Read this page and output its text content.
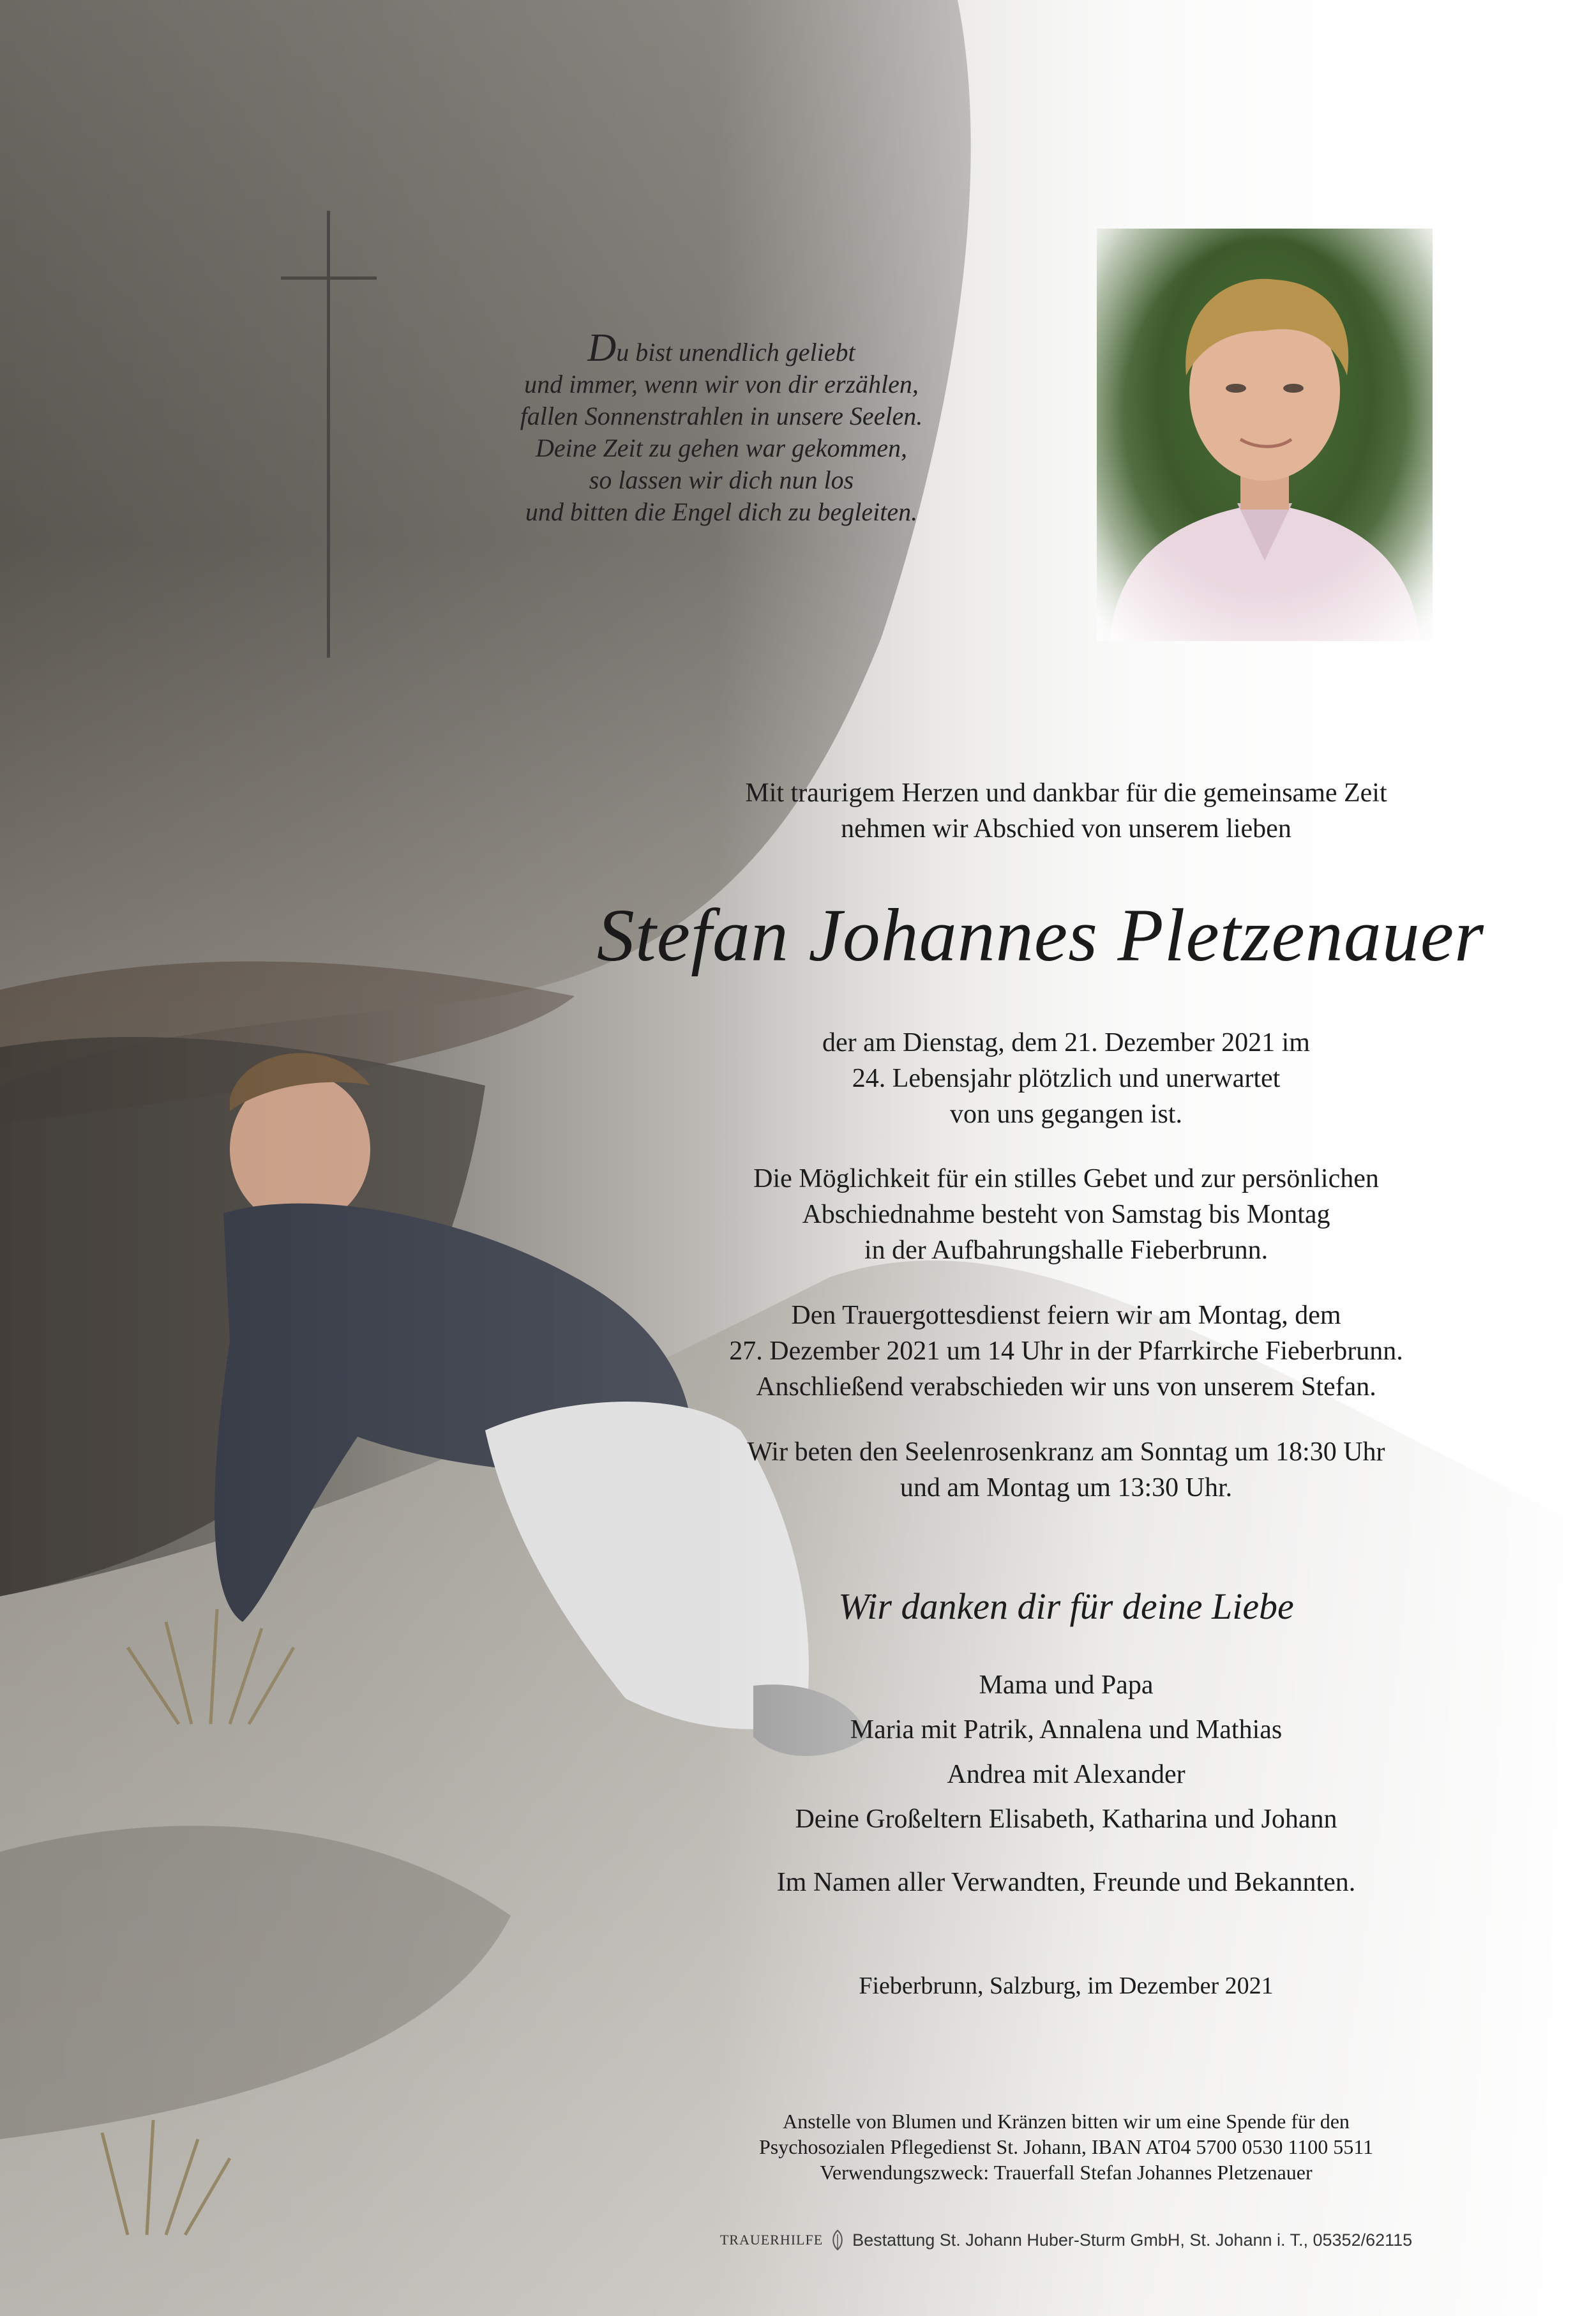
Du bist unendlich geliebt
und immer, wenn wir von dir erzählen,
fallen Sonnenstrahlen in unsere Seelen.
Deine Zeit zu gehen war gekommen,
so lassen wir dich nun los
und bitten die Engel dich zu begleiten.
Mit traurigem Herzen und dankbar für die gemeinsame Zeit
nehmen wir Abschied von unserem lieben
Stefan Johannes Pletzenauer
der am Dienstag, dem 21. Dezember 2021 im
24. Lebensjahr plötzlich und unerwartet
von uns gegangen ist.
Die Möglichkeit für ein stilles Gebet und zur persönlichen
Abschiednahme besteht von Samstag bis Montag
in der Aufbahrungshalle Fieberbrunn.
Den Trauergottesdienst feiern wir am Montag, dem
27. Dezember 2021 um 14 Uhr in der Pfarrkirche Fieberbrunn.
Anschließend verabschieden wir uns von unserem Stefan.
Wir beten den Seelenrosenkranz am Sonntag um 18:30 Uhr
und am Montag um 13:30 Uhr.
Wir danken dir für deine Liebe
Mama und Papa
Maria mit Patrik, Annalena und Mathias
Andrea mit Alexander
Deine Großeltern Elisabeth, Katharina und Johann
Im Namen aller Verwandten, Freunde und Bekannten.
Fieberbrunn, Salzburg, im Dezember 2021
Anstelle von Blumen und Kränzen bitten wir um eine Spende für den
Psychosozialen Pflegedienst St. Johann, IBAN AT04 5700 0530 1100 5511
Verwendungszweck: Trauerfall Stefan Johannes Pletzenauer
TRAUERHILFE Bestattung St. Johann Huber-Sturm GmbH, St. Johann i. T., 05352/62115
